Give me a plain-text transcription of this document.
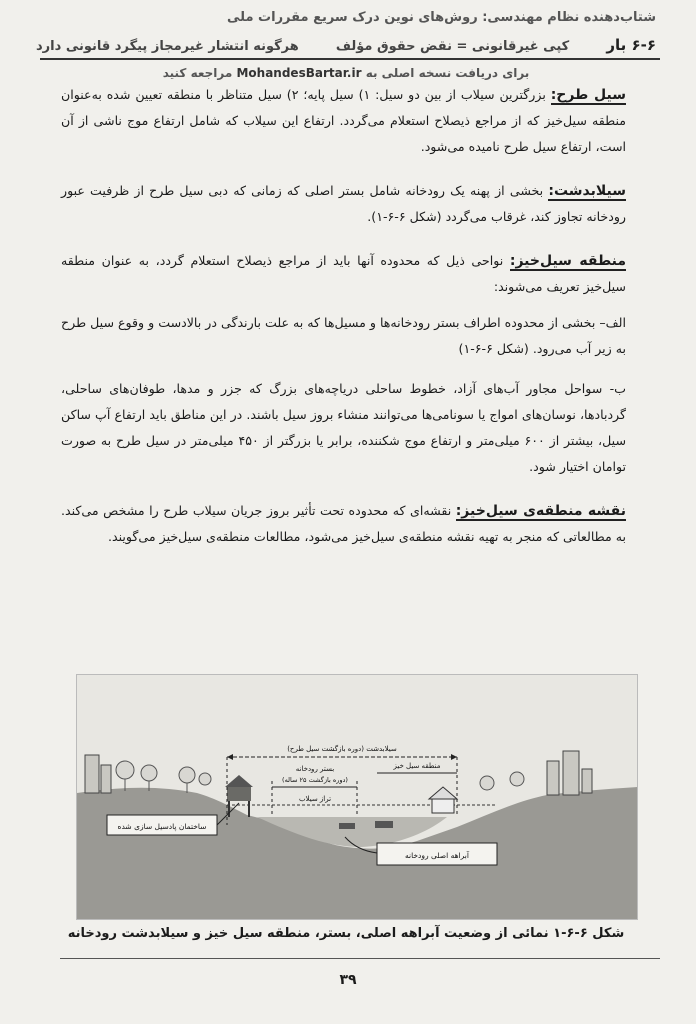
شتاب‌دهنده نظام مهندسی: روش‌های نوین درک سریع مقررات ملی
۶-۶ بار
کپی غیرقانونی = نقض حقوق مؤلف
هرگونه انتشار غیرمجاز پیگرد قانونی دارد
برای دریافت نسخه اصلی به MohandesBartar.ir مراجعه کنید

سیل طرح: بزرگترین سیلاب از بین دو سیل: ۱) سیل پایه؛ ۲) سیل متناظر با منطقه تعیین شده به‌عنوان منطقه سیل‌خیز که از مراجع ذیصلاح استعلام می‌گردد. ارتفاع این سیلاب که شامل ارتفاع موج ناشی از آن است، ارتفاع سیل طرح نامیده می‌شود.

سیلابدشت: بخشی از پهنه یک رودخانه شامل بستر اصلی که زمانی که دبی سیل طرح از ظرفیت عبور رودخانه تجاوز کند، غرقاب می‌گردد (شکل ۶-۶-۱).

منطقه سیل‌خیز: نواحی ذیل که محدوده آنها باید از مراجع ذیصلاح استعلام گردد، به عنوان منطقه سیل‌خیز تعریف می‌شوند:

الف– بخشی از محدوده اطراف بستر رودخانه‌ها و مسیل‌ها که به علت بارندگی در بالادست و وقوع سیل طرح به زیر آب می‌رود. (شکل ۶-۶-۱)

ب- سواحل مجاور آب‌های آزاد، خطوط ساحلی دریاچه‌های بزرگ که جزر و مدها، طوفان‌های ساحلی، گردبادها، نوسان‌های امواج یا سونامی‌ها می‌توانند منشاء بروز سیل باشند. در این مناطق باید ارتفاع آپ ساکن سیل، بیشتر از ۶۰۰ میلی‌متر و ارتفاع موج شکننده، برابر یا بزرگتر از ۴۵۰ میلی‌متر در سیل طرح به صورت توامان اختیار شود.

نقشه منطقه‌ی سیل‌خیز: نقشه‌ای که محدوده تحت تأثیر بروز جریان سیلاب طرح را مشخص می‌کند. به مطالعاتی که منجر به تهیه نقشه منطقه‌ی سیل‌خیز می‌شود، مطالعات منطقه‌ی سیل‌خیز می‌گویند.

سیلابدشت (دوره بازگشت سیل طرح)
منطقه سیل خیز
بستر رودخانه
(دوره بازگشت ۲۵ ساله)
تراز سیلاب
ساختمان پادسیل سازی شده
آبراهه اصلی رودخانه
شکل ۶-۶-۱ نمائی از وضعیت آبراهه اصلی، بستر، منطقه سیل خیز و سیلابدشت رودخانه
۳۹
